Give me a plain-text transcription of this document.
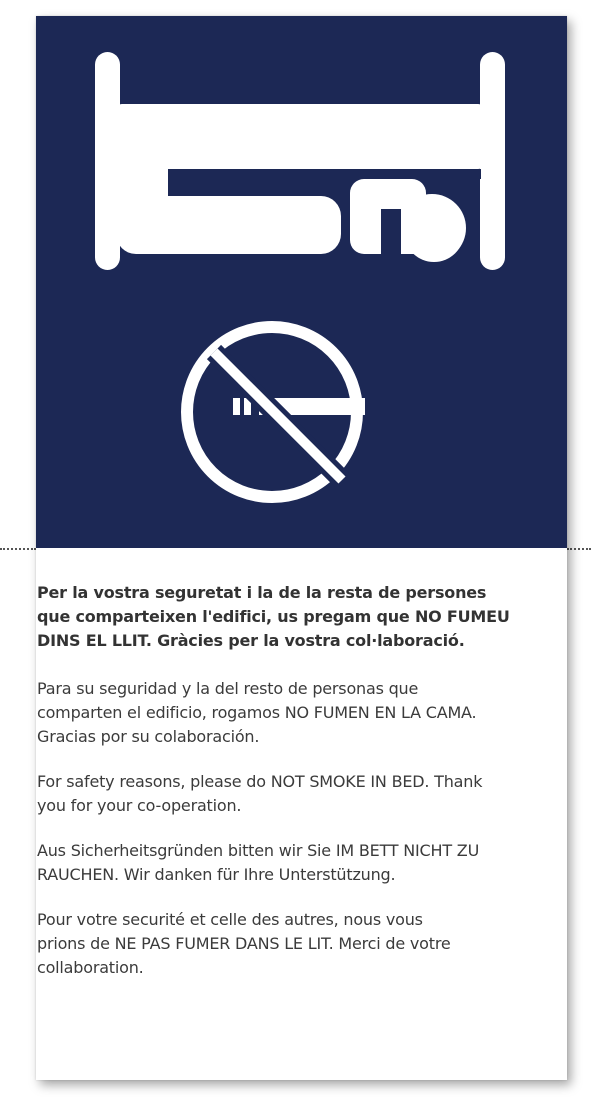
Per la vostra seguretat i la de la resta de persones
que comparteixen l'edifici, us pregam que NO FUMEU
DINS EL LLIT. Gràcies per la vostra col·laboració.

Para su seguridad y la del resto de personas que
comparten el edificio, rogamos NO FUMEN EN LA CAMA.
Gracias por su colaboración.

For safety reasons, please do NOT SMOKE IN BED. Thank
you for your co-operation.

Aus Sicherheitsgründen bitten wir Sie IM BETT NICHT ZU
RAUCHEN. Wir danken für Ihre Unterstützung.

Pour votre securité et celle des autres, nous vous
prions de NE PAS FUMER DANS LE LIT. Merci de votre
collaboration.
